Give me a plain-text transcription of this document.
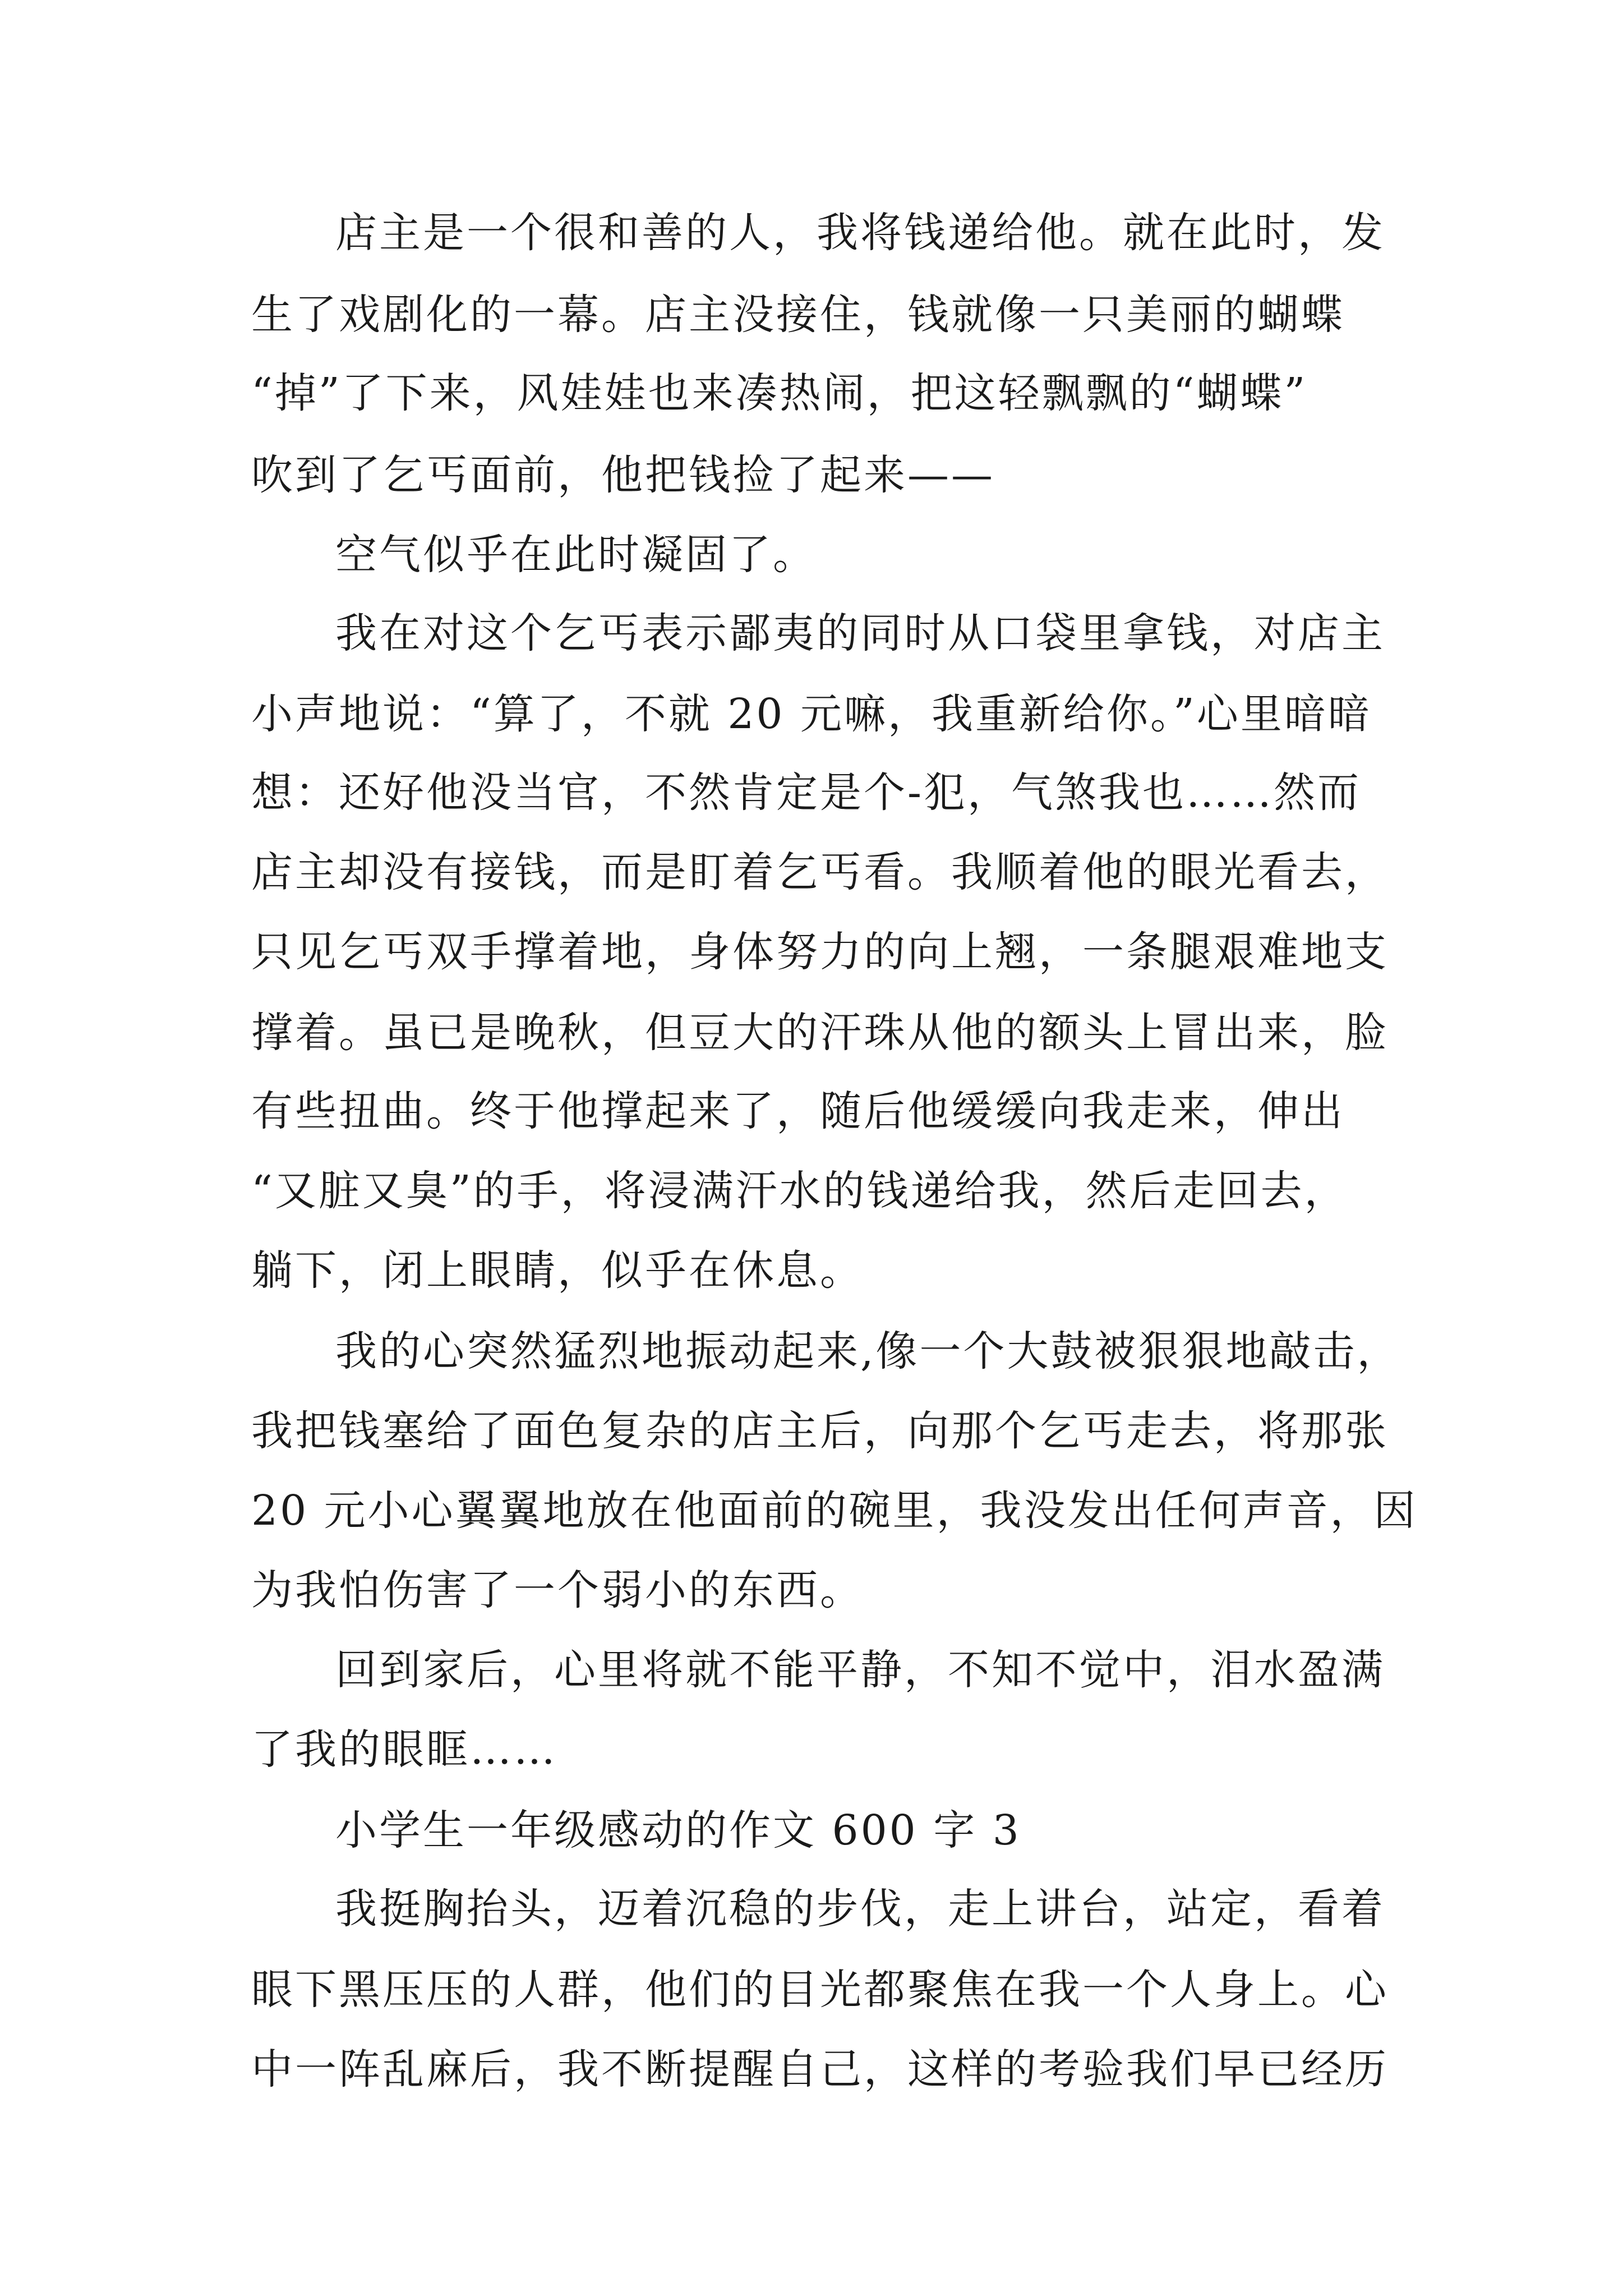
店主是一个很和善的人，我将钱递给他。就在此时，发
生了戏剧化的一幕。店主没接住，钱就像一只美丽的蝴蝶
“掉”了下来，风娃娃也来凑热闹，把这轻飘飘的“蝴蝶”
吹到了乞丐面前，他把钱捡了起来——
空气似乎在此时凝固了。
我在对这个乞丐表示鄙夷的同时从口袋里拿钱，对店主
小声地说：“算了，不就 20 元嘛，我重新给你。”心里暗暗
想：还好他没当官，不然肯定是个-犯，气煞我也……然而
店主却没有接钱，而是盯着乞丐看。我顺着他的眼光看去，
只见乞丐双手撑着地，身体努力的向上翘，一条腿艰难地支
撑着。虽已是晚秋，但豆大的汗珠从他的额头上冒出来，脸
有些扭曲。终于他撑起来了，随后他缓缓向我走来，伸出
“又脏又臭”的手，将浸满汗水的钱递给我，然后走回去，
躺下，闭上眼睛，似乎在休息。
我的心突然猛烈地振动起来,像一个大鼓被狠狠地敲击，
我把钱塞给了面色复杂的店主后，向那个乞丐走去，将那张
20 元小心翼翼地放在他面前的碗里，我没发出任何声音，因
为我怕伤害了一个弱小的东西。
回到家后，心里将就不能平静，不知不觉中，泪水盈满
了我的眼眶……
小学生一年级感动的作文 600 字 3
我挺胸抬头，迈着沉稳的步伐，走上讲台，站定，看着
眼下黑压压的人群，他们的目光都聚焦在我一个人身上。心
中一阵乱麻后，我不断提醒自己，这样的考验我们早已经历
